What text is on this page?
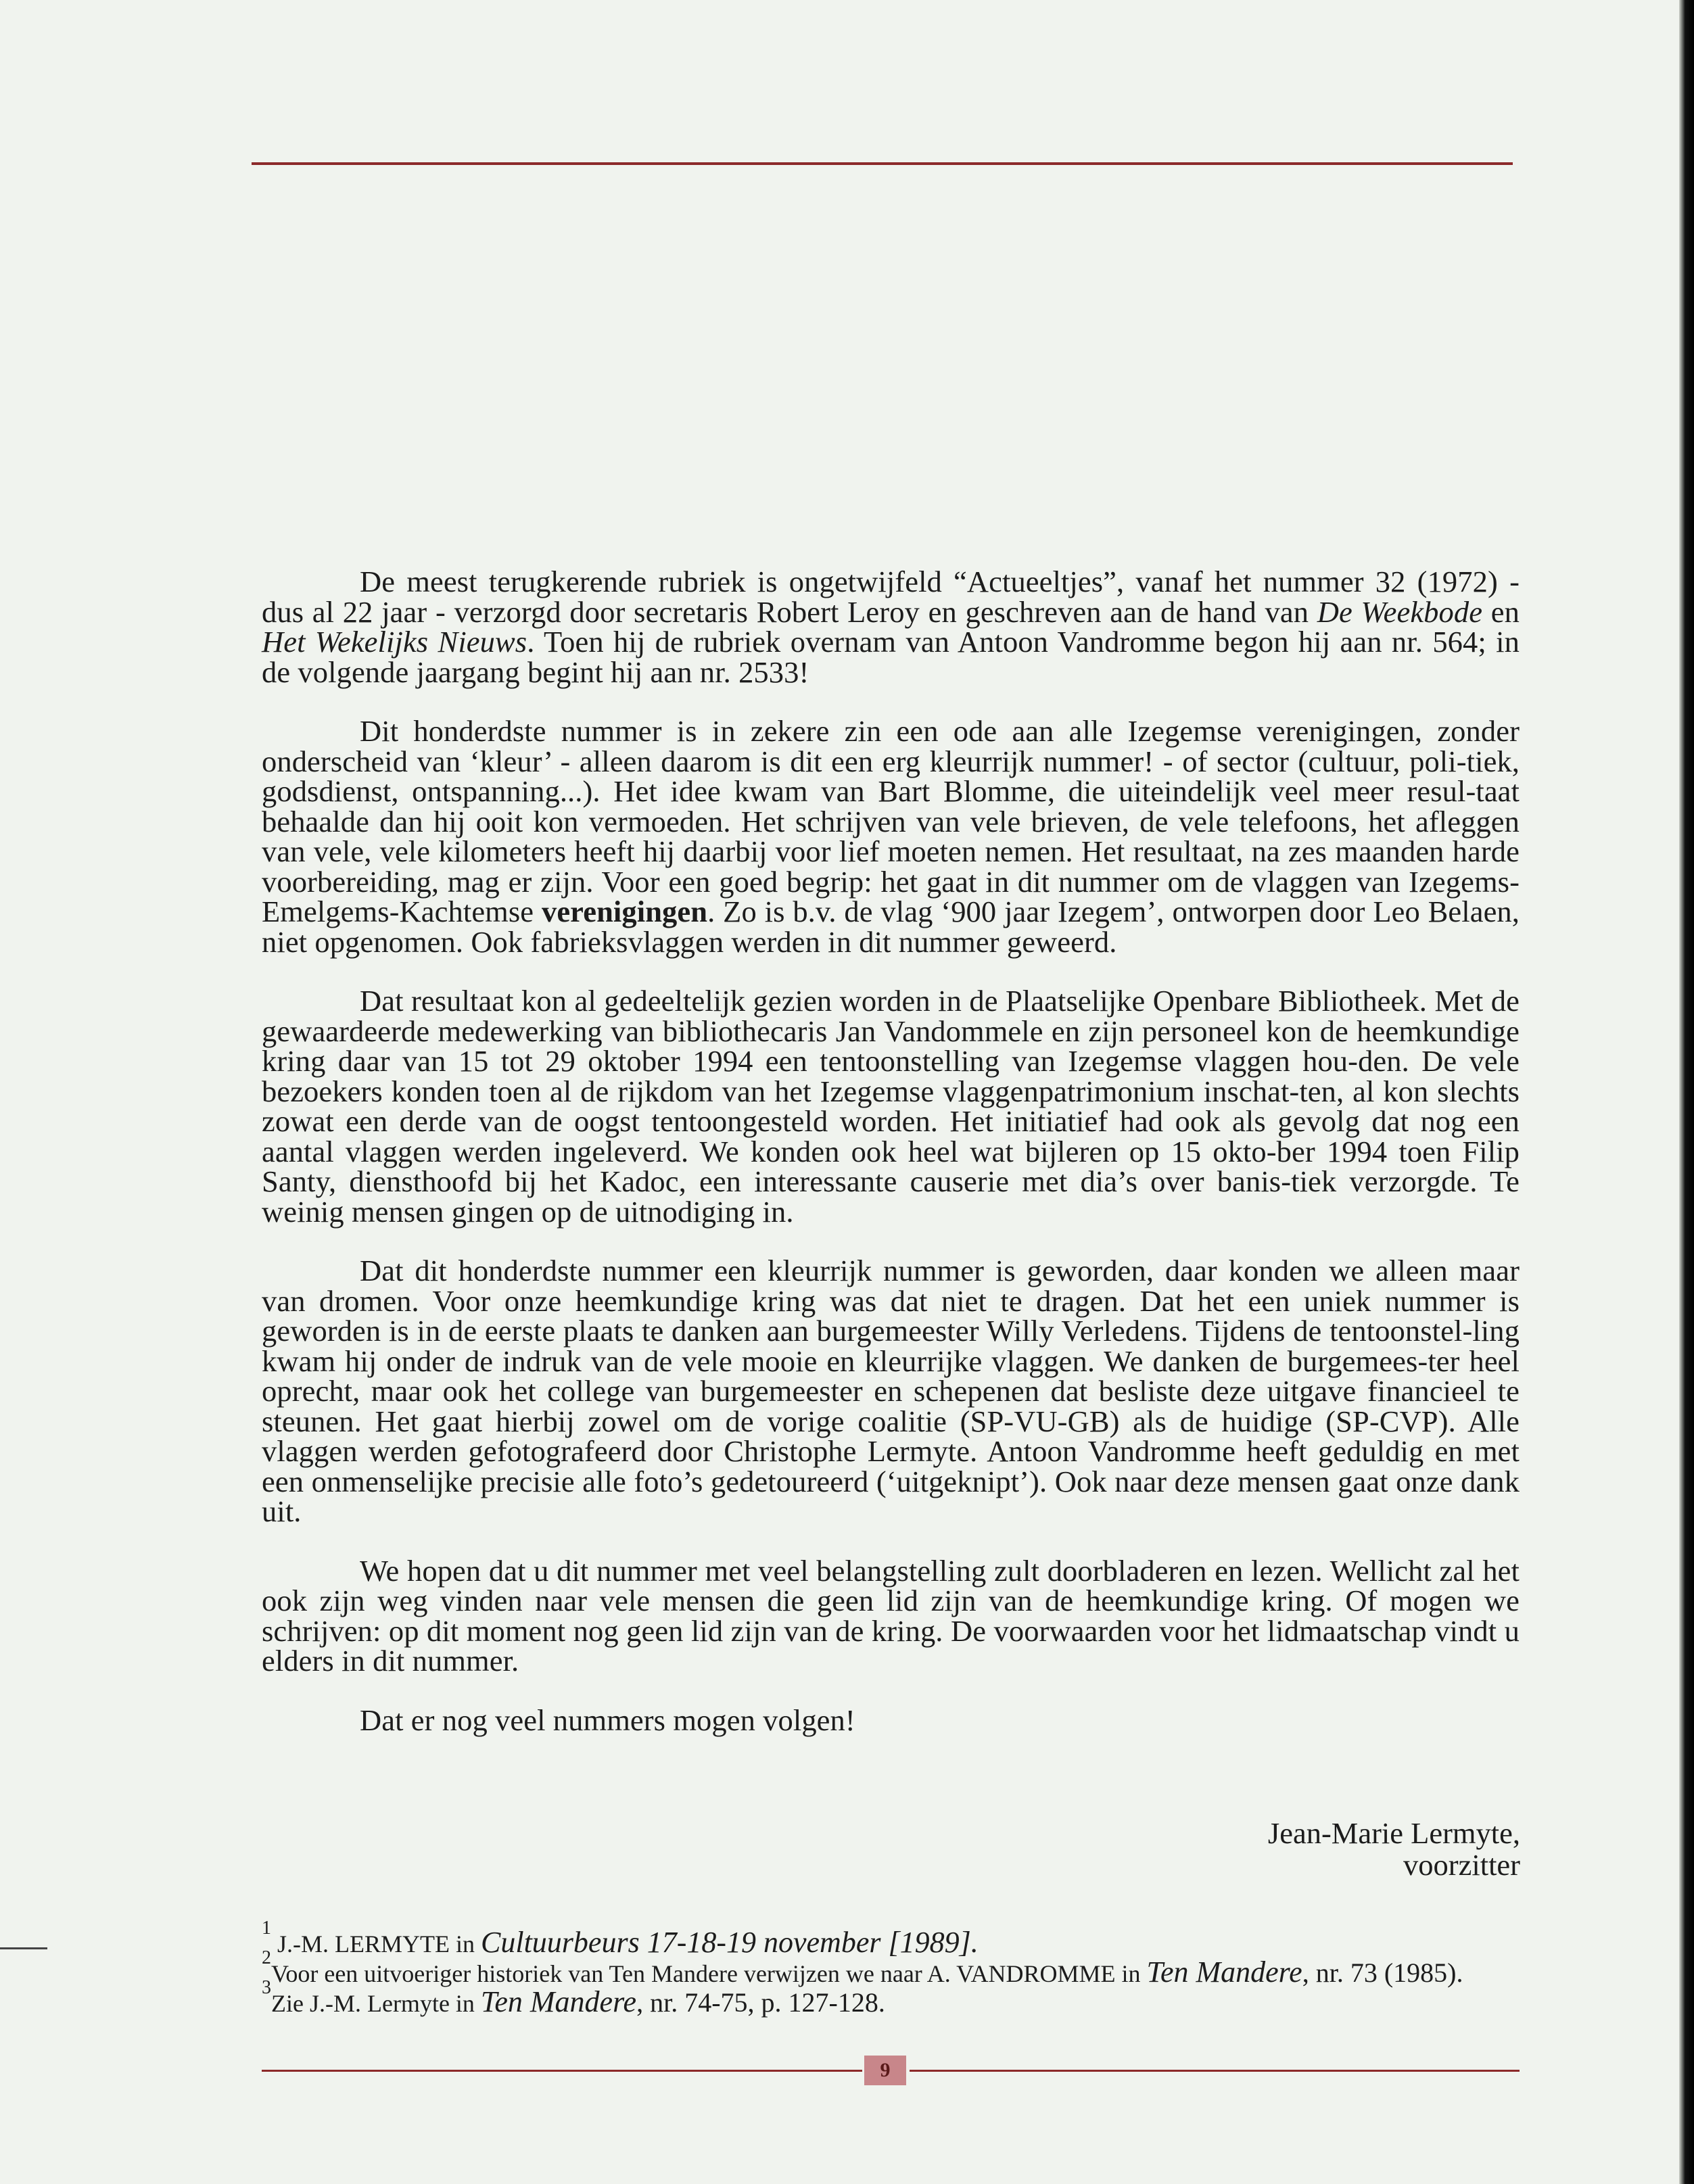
De meest terugkerende rubriek is ongetwijfeld “Actueeltjes”, vanaf het nummer 32 (1972) - dus al 22 jaar - verzorgd door secretaris Robert Leroy en geschreven aan de hand van De Weekbode en Het Wekelijks Nieuws. Toen hij de rubriek overnam van Antoon Vandromme begon hij aan nr. 564; in de volgende jaargang begint hij aan nr. 2533!

Dit honderdste nummer is in zekere zin een ode aan alle Izegemse verenigingen, zonder onderscheid van ‘kleur’ - alleen daarom is dit een erg kleurrijk nummer! - of sector (cultuur, poli-tiek, godsdienst, ontspanning...). Het idee kwam van Bart Blomme, die uiteindelijk veel meer resul-taat behaalde dan hij ooit kon vermoeden. Het schrijven van vele brieven, de vele telefoons, het afleggen van vele, vele kilometers heeft hij daarbij voor lief moeten nemen. Het resultaat, na zes maanden harde voorbereiding, mag er zijn. Voor een goed begrip: het gaat in dit nummer om de vlaggen van Izegems-Emelgems-Kachtemse verenigingen. Zo is b.v. de vlag ‘900 jaar Izegem’, ontworpen door Leo Belaen, niet opgenomen. Ook fabrieksvlaggen werden in dit nummer geweerd.

Dat resultaat kon al gedeeltelijk gezien worden in de Plaatselijke Openbare Bibliotheek. Met de gewaardeerde medewerking van bibliothecaris Jan Vandommele en zijn personeel kon de heemkundige kring daar van 15 tot 29 oktober 1994 een tentoonstelling van Izegemse vlaggen hou-den. De vele bezoekers konden toen al de rijkdom van het Izegemse vlaggenpatrimonium inschat-ten, al kon slechts zowat een derde van de oogst tentoongesteld worden. Het initiatief had ook als gevolg dat nog een aantal vlaggen werden ingeleverd. We konden ook heel wat bijleren op 15 okto-ber 1994 toen Filip Santy, diensthoofd bij het Kadoc, een interessante causerie met dia’s over banis-tiek verzorgde. Te weinig mensen gingen op de uitnodiging in.

Dat dit honderdste nummer een kleurrijk nummer is geworden, daar konden we alleen maar van dromen. Voor onze heemkundige kring was dat niet te dragen. Dat het een uniek nummer is geworden is in de eerste plaats te danken aan burgemeester Willy Verledens. Tijdens de tentoonstel-ling kwam hij onder de indruk van de vele mooie en kleurrijke vlaggen. We danken de burgemees-ter heel oprecht, maar ook het college van burgemeester en schepenen dat besliste deze uitgave financieel te steunen. Het gaat hierbij zowel om de vorige coalitie (SP-VU-GB) als de huidige (SP-CVP). Alle vlaggen werden gefotografeerd door Christophe Lermyte. Antoon Vandromme heeft geduldig en met een onmenselijke precisie alle foto’s gedetoureerd (‘uitgeknipt’). Ook naar deze mensen gaat onze dank uit.

We hopen dat u dit nummer met veel belangstelling zult doorbladeren en lezen. Wellicht zal het ook zijn weg vinden naar vele mensen die geen lid zijn van de heemkundige kring. Of mogen we schrijven: op dit moment nog geen lid zijn van de kring. De voorwaarden voor het lidmaatschap vindt u elders in dit nummer.

Dat er nog veel nummers mogen volgen!

Jean-Marie Lermyte,
voorzitter

$^1$ J.-M. LERMYTE in Cultuurbeurs 17-18-19 november [1989].

$^2$Voor een uitvoeriger historiek van Ten Mandere verwijzen we naar A. VANDROMME in Ten Mandere, nr. 73 (1985).

$^3$Zie J.-M. Lermyte in Ten Mandere, nr. 74-75, p. 127-128.

9
